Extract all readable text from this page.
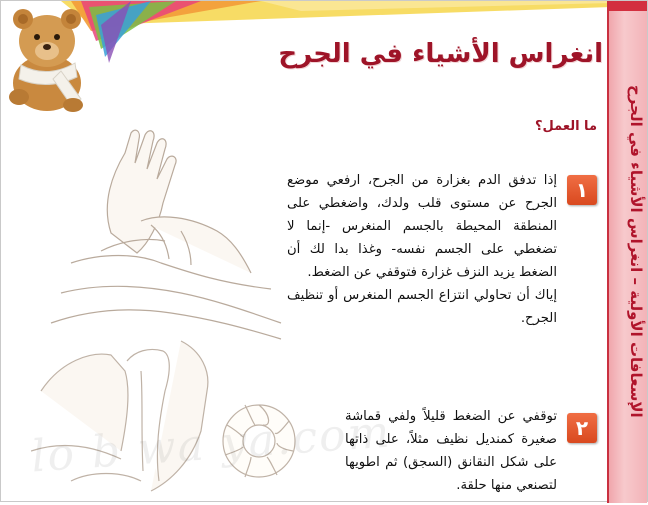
الإسعافات الأولية – انغراس الأشياء في الجرح
انغراس الأشياء في الجرح
ما العمل؟
lo b wa ya.com
١

إذا تدفق الدم بغزارة من الجرح، ارفعي موضع الجرح عن مستوى قلب ولدك، واضغطي على المنطقة المحيطة بالجسم المنغرس -إنما لا تضغطي على الجسم نفسه- وغذا بدا لك أن الضغط يزيد النزف غزارة فتوقفي عن الضغط.

إياك أن تحاولي انتزاع الجسم المنغرس أو تنظيف الجرح.

٢

توقفي عن الضغط قليلاً ولفي قماشة صغيرة كمنديل نظيف مثلاً، على ذاتها على شكل النقانق (السجق) ثم اطويها لتصنعي منها حلقة.
